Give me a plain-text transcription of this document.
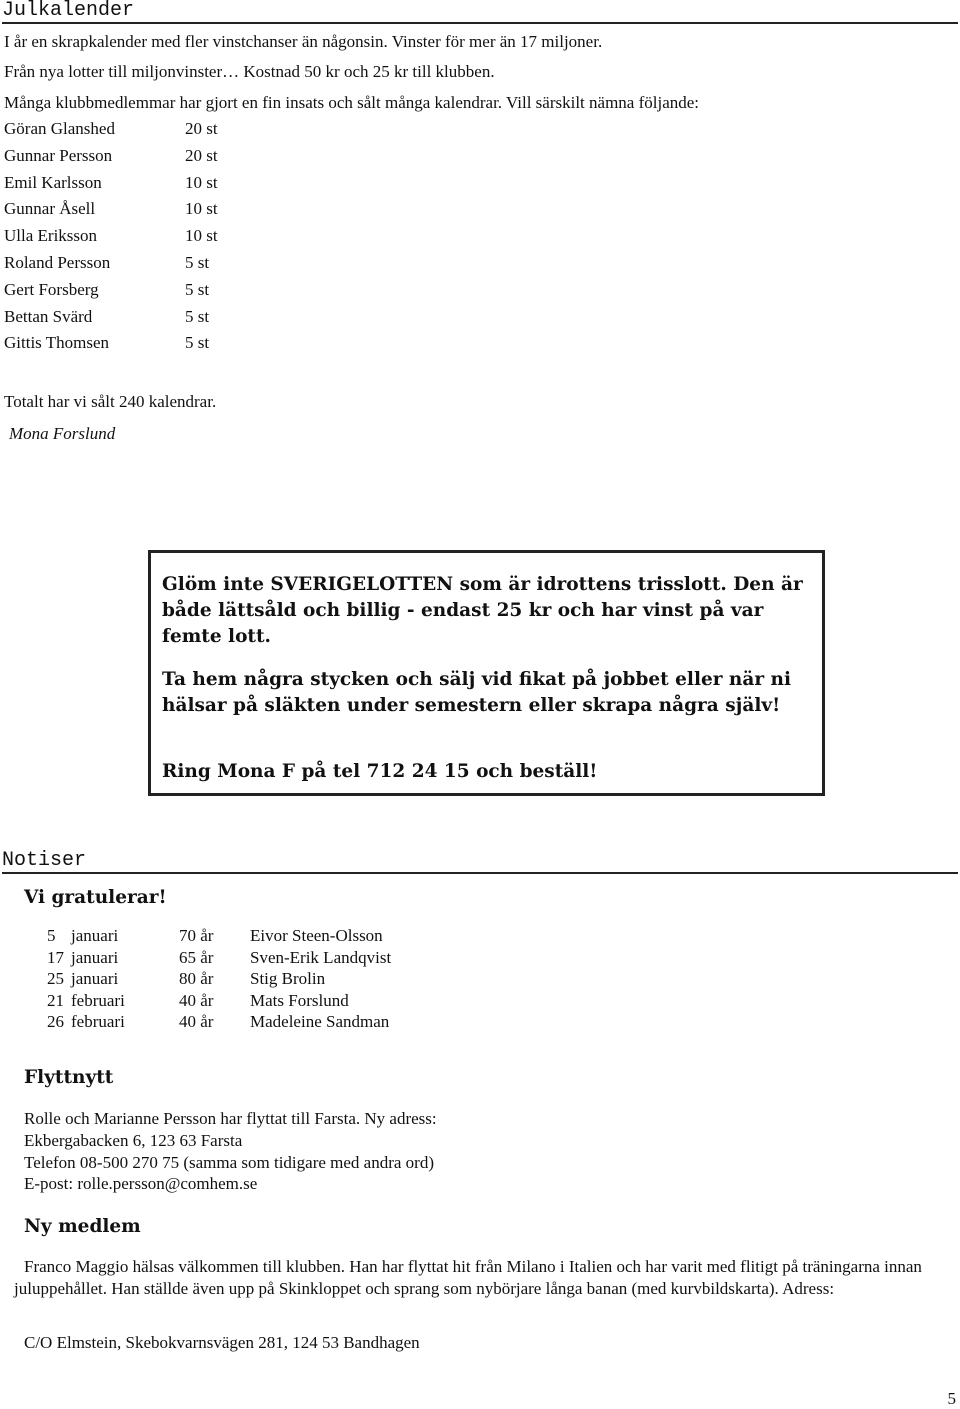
Julkalender
I år en skrapkalender med fler vinstchanser än någonsin. Vinster för mer än 17 miljoner.
Från nya lotter till miljonvinster… Kostnad 50 kr och 25 kr till klubben.
Många klubbmedlemmar har gjort en fin insats och sålt många kalendrar. Vill särskilt nämna följande:
Göran Glanshed	20 st
Gunnar Persson	20 st
Emil Karlsson	10 st
Gunnar Åsell	10 st
Ulla Eriksson	10 st
Roland Persson	5 st
Gert Forsberg	5 st
Bettan Svärd	5 st
Gittis Thomsen	5 st
Totalt har vi sålt 240 kalendrar.
Mona Forslund

Glöm inte SVERIGELOTTEN som är idrottens trisslott. Den är både lättsåld och billig - endast 25 kr och har vinst på var femte lott.

Ta hem några stycken och sälj vid fikat på jobbet eller när ni hälsar på släkten under semestern eller skrapa några själv!

Ring Mona F på tel 712 24 15 och beställ!

Notiser
Vi gratulerar!
5 januari	70 år	Eivor Steen-Olsson
17 januari	65 år	Sven-Erik Landqvist
25 januari	80 år	Stig Brolin
21 februari	40 år	Mats Forslund
26 februari	40 år	Madeleine Sandman
Flyttnytt
Rolle och Marianne Persson har flyttat till Farsta. Ny adress:
Ekbergabacken 6, 123 63 Farsta
Telefon 08-500 270 75 (samma som tidigare med andra ord)
E-post: rolle.persson@comhem.se
Ny medlem
Franco Maggio hälsas välkommen till klubben. Han har flyttat hit från Milano i Italien och har varit med flitigt på träningarna innan juluppehållet. Han ställde även upp på Skinkloppet och sprang som nybörjare långa banan (med kurvbildskarta). Adress:
C/O Elmstein, Skebokvarnsvägen 281, 124 53 Bandhagen
5
